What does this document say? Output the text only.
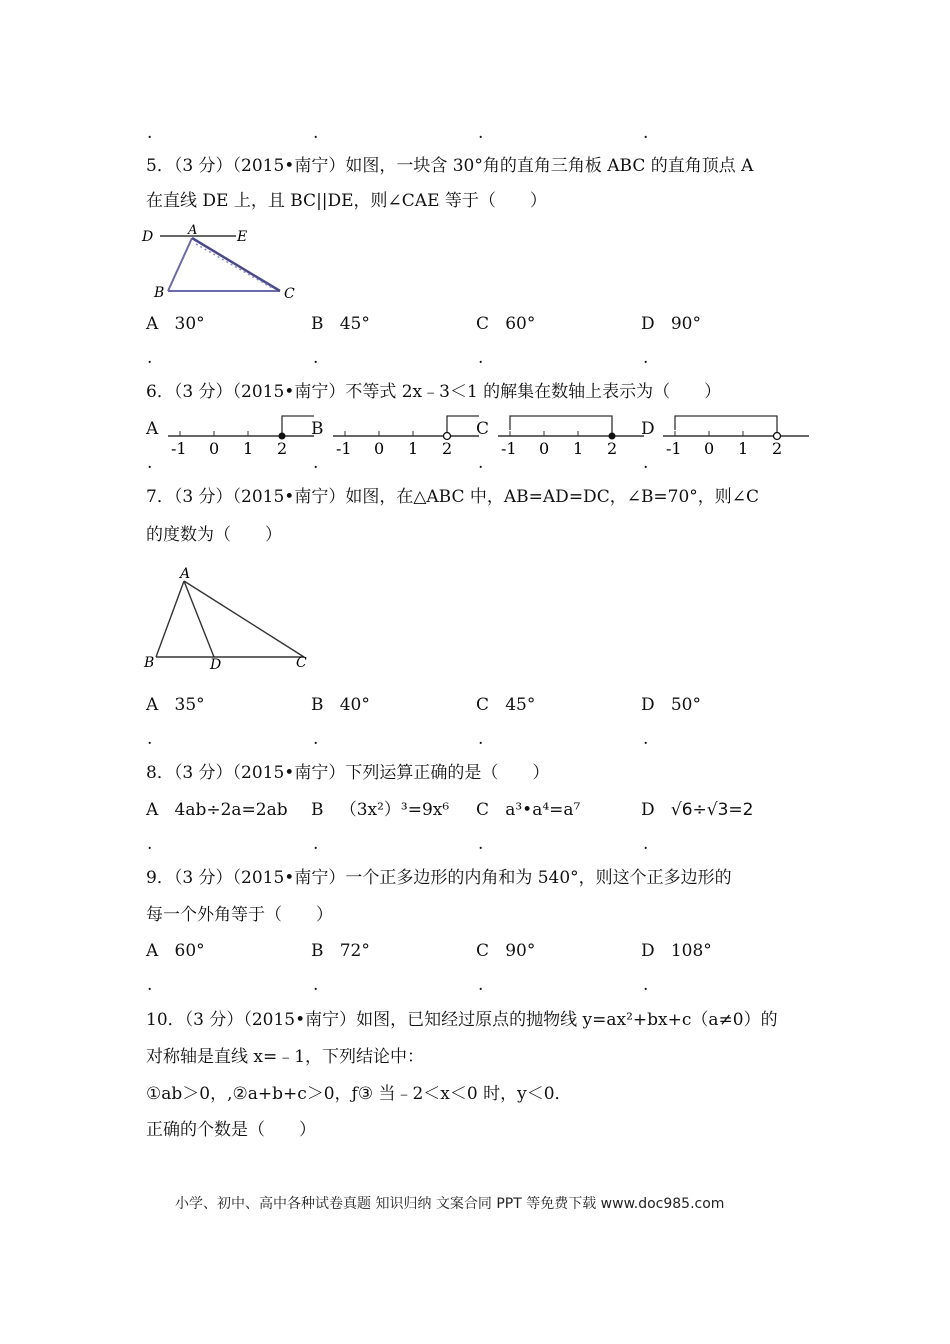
.	.	.	.
5．（3 分）（2015•南宁）如图，一块含 30°角的直角三角板 ABC 的直角顶点 A
在直线 DE 上，且 BC||DE，则∠CAE 等于（　　）
D	A	E
B	C
A 30°	B 45°	C 60°	D 90°
.	.	.	.
6．（3 分）（2015•南宁）不等式 2x﹣3＜1 的解集在数轴上表示为（　　）
A
-1 0 1 2
B
-1 0 1 2
C
-1 0 1 2
D
-1 0 1 2
.	.	.	.
7．（3 分）（2015•南宁）如图，在△ABC 中，AB=AD=DC，∠B=70°，则∠C
的度数为（　　）
A
B	D	C
A 35°	B 40°	C 45°	D 50°
.	.	.	.
8．（3 分）（2015•南宁）下列运算正确的是（　　）
A 4ab÷2a=2ab B （3x²）³=9x⁶ C a³•a⁴=a⁷	D √6÷√3=2
.	.	.	.
9．（3 分）（2015•南宁）一个正多边形的内角和为 540°，则这个正多边形的
每一个外角等于（　　）
A 60°	B 72°	C 90°	D 108°
.	.	.	.
10．（3 分）（2015•南宁）如图，已知经过原点的抛物线 y=ax²+bx+c（a≠0）的
对称轴是直线 x=﹣1，下列结论中：
①ab＞0，,②a+b+c＞0，ƒ③ 当﹣2＜x＜0 时，y＜0．
正确的个数是（　　）
小学、初中、高中各种试卷真题 知识归纳 文案合同 PPT 等免费下载 www.doc985.com
